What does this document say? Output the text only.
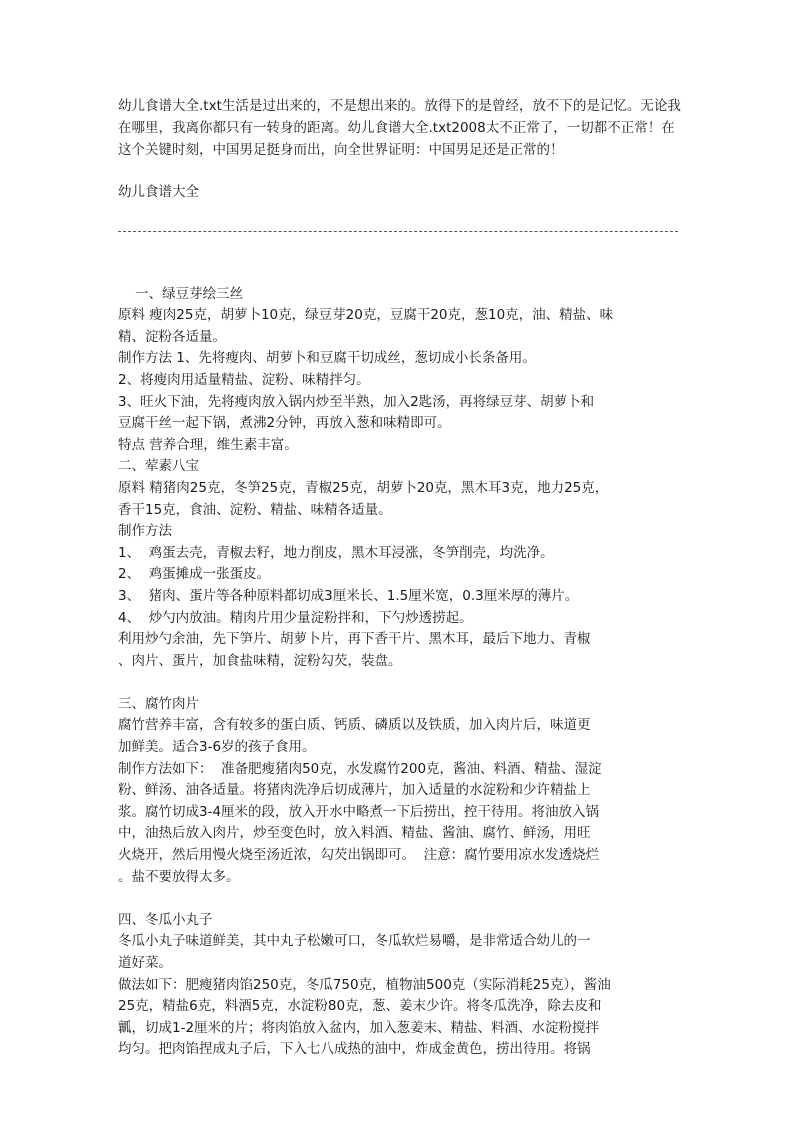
幼儿食谱大全.txt生活是过出来的，不是想出来的。放得下的是曾经，放不下的是记忆。无论我在哪里，我离你都只有一转身的距离。幼儿食谱大全.txt2008太不正常了，一切都不正常！在这个关键时刻，中国男足挺身而出，向全世界证明：中国男足还是正常的！

幼儿食谱大全
一、绿豆芽绘三丝
原料 瘦肉25克，胡萝卜10克，绿豆芽20克，豆腐干20克，葱10克，油、精盐、味
精、淀粉各适量。
制作方法 1、先将瘦肉、胡萝卜和豆腐干切成丝，葱切成小长条备用。
2、将瘦肉用适量精盐、淀粉、味精拌匀。
3、旺火下油，先将瘦肉放入锅内炒至半熟，加入2匙汤，再将绿豆芽、胡萝卜和
豆腐干丝一起下锅，煮沸2分钟，再放入葱和味精即可。
特点 营养合理，维生素丰富。
二、荤素八宝
原料 精猪肉25克，冬笋25克，青椒25克，胡萝卜20克，黑木耳3克，地力25克，
香干15克，食油、淀粉、精盐、味精各适量。
制作方法
1、  鸡蛋去壳，青椒去籽，地力削皮，黑木耳浸涨，冬笋削壳，均洗净。
2、  鸡蛋摊成一张蛋皮。
3、  猪肉、蛋片等各种原料都切成3厘米长、1.5厘米宽，0.3厘米厚的薄片。
4、  炒勺内放油。精肉片用少量淀粉拌和，下勺炒透捞起。
利用炒勺余油，先下笋片、胡萝卜片，再下香干片、黑木耳，最后下地力、青椒
、肉片、蛋片，加食盐味精，淀粉勾芡，装盘。
三、腐竹肉片
腐竹营养丰富，含有较多的蛋白质、钙质、磷质以及铁质，加入肉片后，味道更
加鲜美。适合3-6岁的孩子食用。
制作方法如下：  准备肥瘦猪肉50克，水发腐竹200克，酱油、料酒、精盐、湿淀
粉、鲜汤、油各适量。将猪肉洗净后切成薄片，加入适量的水淀粉和少许精盐上
浆。腐竹切成3-4厘米的段，放入开水中略煮一下后捞出，控干待用。将油放入锅
中，油热后放入肉片，炒至变色时，放入料酒、精盐、酱油、腐竹、鲜汤，用旺
火烧开，然后用慢火烧至汤近浓，勾芡出锅即可。  注意：腐竹要用凉水发透烧烂
。盐不要放得太多。
四、冬瓜小丸子
冬瓜小丸子味道鲜美，其中丸子松嫩可口，冬瓜软烂易嚼，是非常适合幼儿的一
道好菜。
做法如下：肥瘦猪肉馅250克，冬瓜750克，植物油500克（实际消耗25克），酱油
25克，精盐6克，料酒5克，水淀粉80克，葱、姜末少许。将冬瓜洗净，除去皮和
瓤，切成1-2厘米的片；将肉馅放入盆内，加入葱姜末、精盐、料酒、水淀粉搅拌
均匀。把肉馅捏成丸子后，下入七八成热的油中，炸成金黄色，捞出待用。将锅
